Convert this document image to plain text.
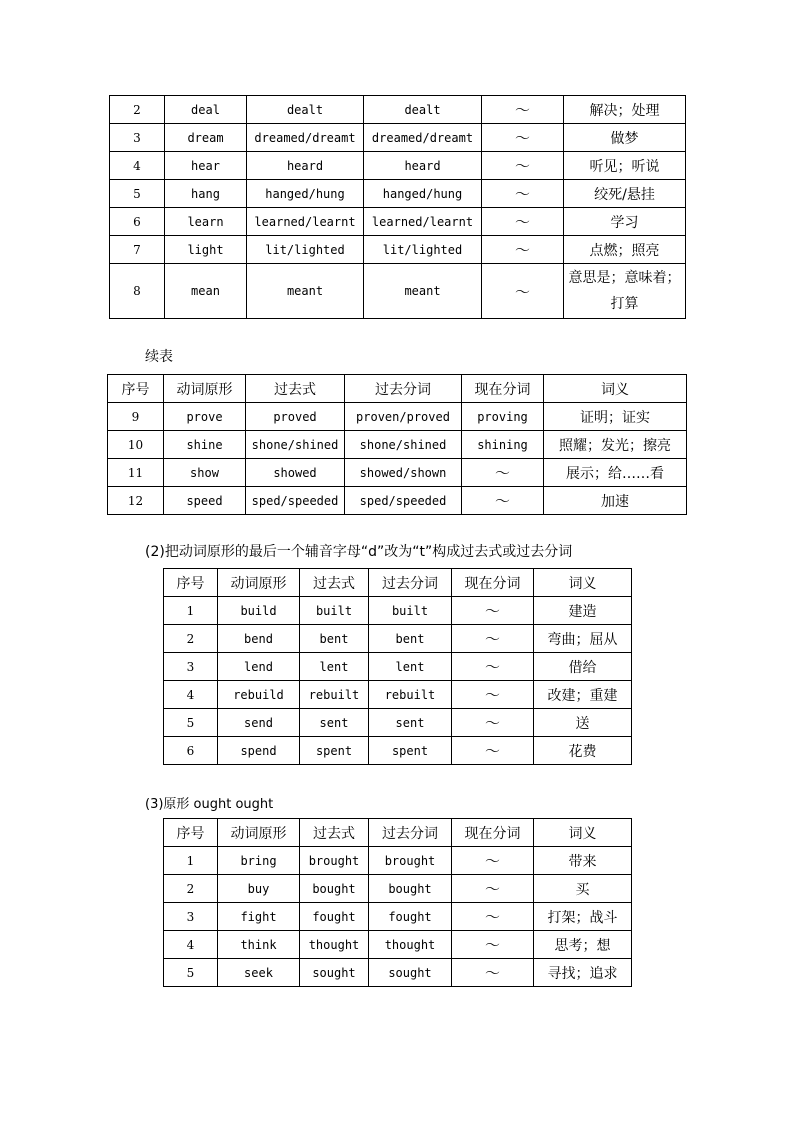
2	deal	dealt	dealt	～	解决；处理
3	dream	dreamed/dreamt	dreamed/dreamt	～	做梦
4	hear	heard	heard	～	听见；听说
5	hang	hanged/hung	hanged/hung	～	绞死/悬挂
6	learn	learned/learnt	learned/learnt	～	学习
7	light	lit/lighted	lit/lighted	～	点燃；照亮
8	mean	meant	meant	～	意思是；意味着；打算
续表
序号	动词原形	过去式	过去分词	现在分词	词义
9	prove	proved	proven/proved	proving	证明；证实
10	shine	shone/shined	shone/shined	shining	照耀；发光；擦亮
11	show	showed	showed/shown	～	展示；给……看
12	speed	sped/speeded	sped/speeded	～	加速
(2)把动词原形的最后一个辅音字母“d”改为“t”构成过去式或过去分词
序号	动词原形	过去式	过去分词	现在分词	词义
1	build	built	built	～	建造
2	bend	bent	bent	～	弯曲；屈从
3	lend	lent	lent	～	借给
4	rebuild	rebuilt	rebuilt	～	改建；重建
5	send	sent	sent	～	送
6	spend	spent	spent	～	花费
(3)原形 ought ought
序号	动词原形	过去式	过去分词	现在分词	词义
1	bring	brought	brought	～	带来
2	buy	bought	bought	～	买
3	fight	fought	fought	～	打架；战斗
4	think	thought	thought	～	思考；想
5	seek	sought	sought	～	寻找；追求
